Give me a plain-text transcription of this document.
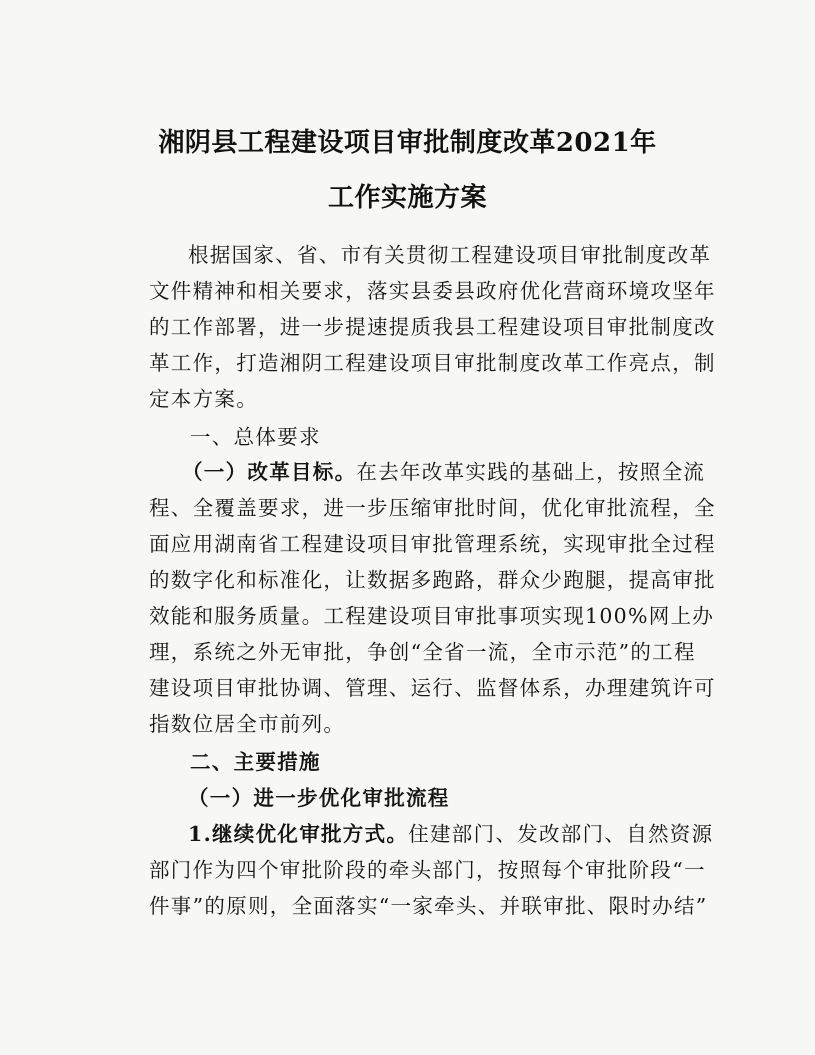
湘阴县工程建设项目审批制度改革2021年
工作实施方案
根据国家、省、市有关贯彻工程建设项目审批制度改革
文件精神和相关要求，落实县委县政府优化营商环境攻坚年
的工作部署，进一步提速提质我县工程建设项目审批制度改
革工作，打造湘阴工程建设项目审批制度改革工作亮点，制
定本方案。
一、总体要求
（一）改革目标。在去年改革实践的基础上，按照全流
程、全覆盖要求，进一步压缩审批时间，优化审批流程，全
面应用湖南省工程建设项目审批管理系统，实现审批全过程
的数字化和标准化，让数据多跑路，群众少跑腿，提高审批
效能和服务质量。工程建设项目审批事项实现100%网上办
理，系统之外无审批，争创“全省一流，全市示范”的工程
建设项目审批协调、管理、运行、监督体系，办理建筑许可
指数位居全市前列。
二、主要措施
（一）进一步优化审批流程
1.继续优化审批方式。住建部门、发改部门、自然资源
部门作为四个审批阶段的牵头部门，按照每个审批阶段“一
件事”的原则，全面落实“一家牵头、并联审批、限时办结”
